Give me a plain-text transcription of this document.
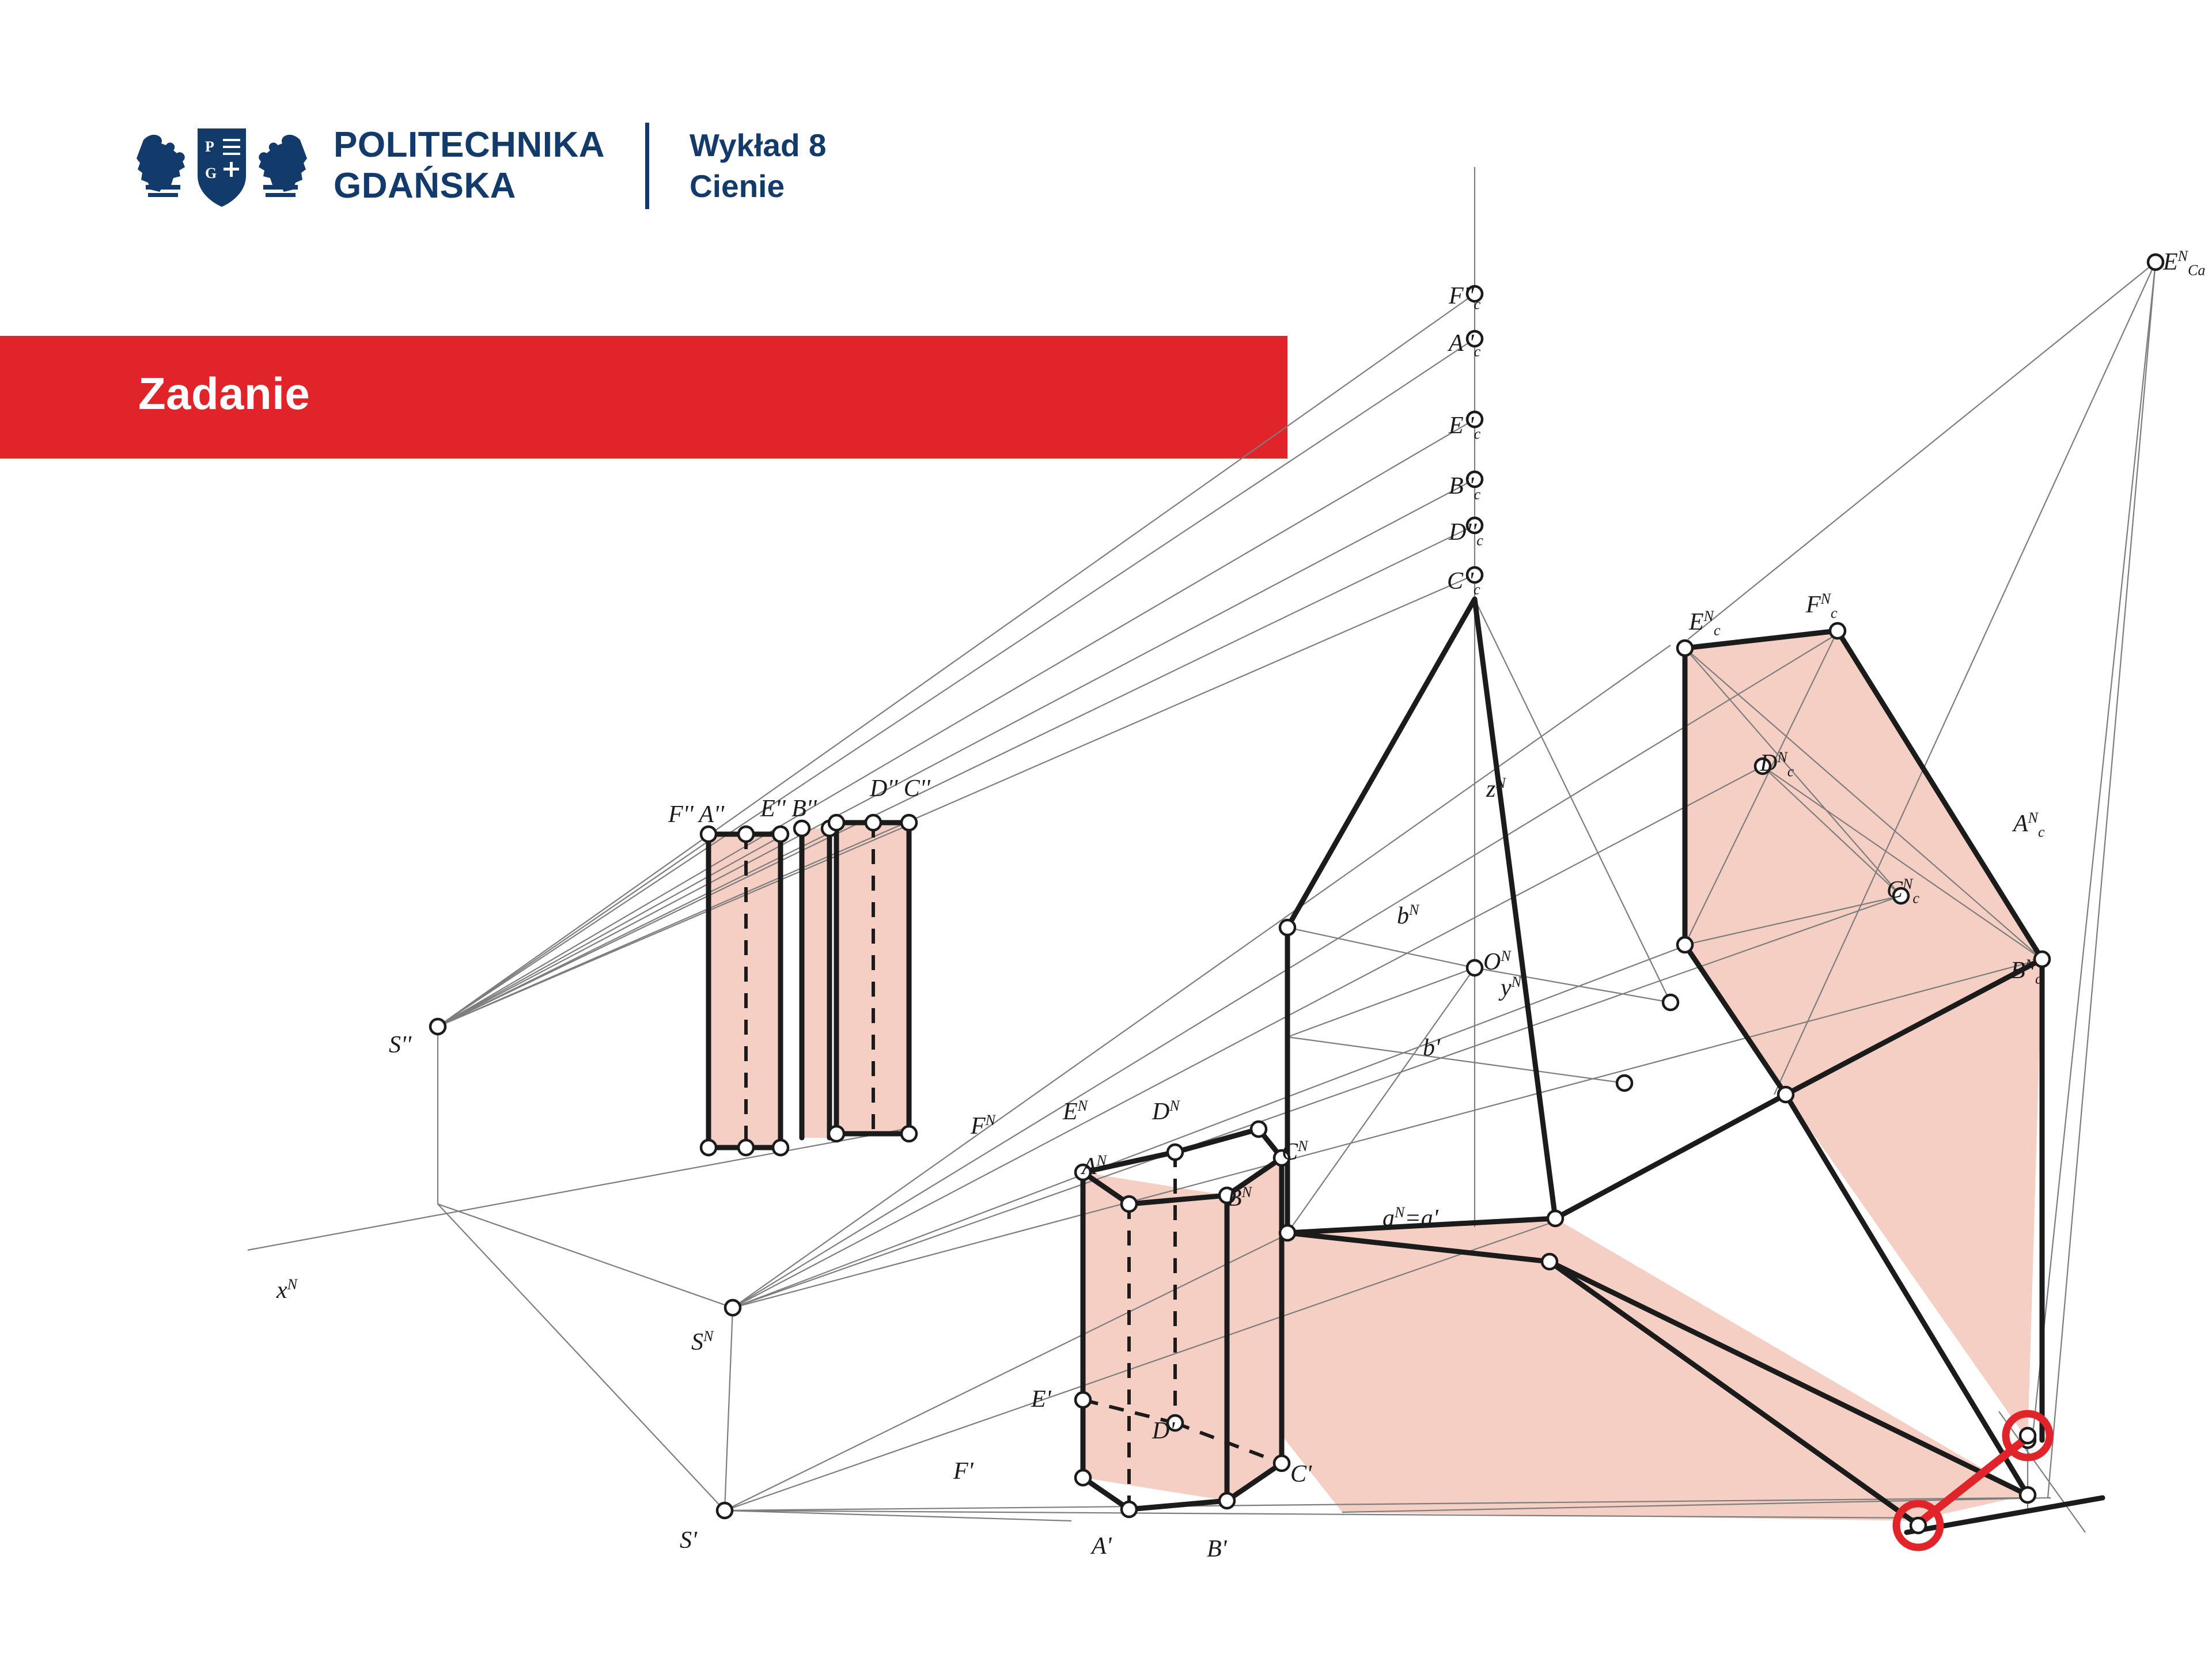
P
G
POLITECHNIKA
GDAŃSKA
Wykład 8
Cienie
Zadanie
$F''_c$
$A''_c$
$E''_c$
$B''_c$
$D''_c$
$C''_c$
$E^N_{Ca}$
$E^N_c$
$F^N_c$
$D^N_c$
$A^N_c$
$C^N_c$
$B^N_c$
$z^N$
$b^N$
$O^N$
$y^N$
b'
$a^N=a'$
F'' A'' E'' B''
D'' C''
S''
$x^N$
$F^N$	$E^N$	$D^N$
$C^N$
$A^N$
$B^N$
$S^N$
E'
D'
F'	C'
S'	A'	B'
